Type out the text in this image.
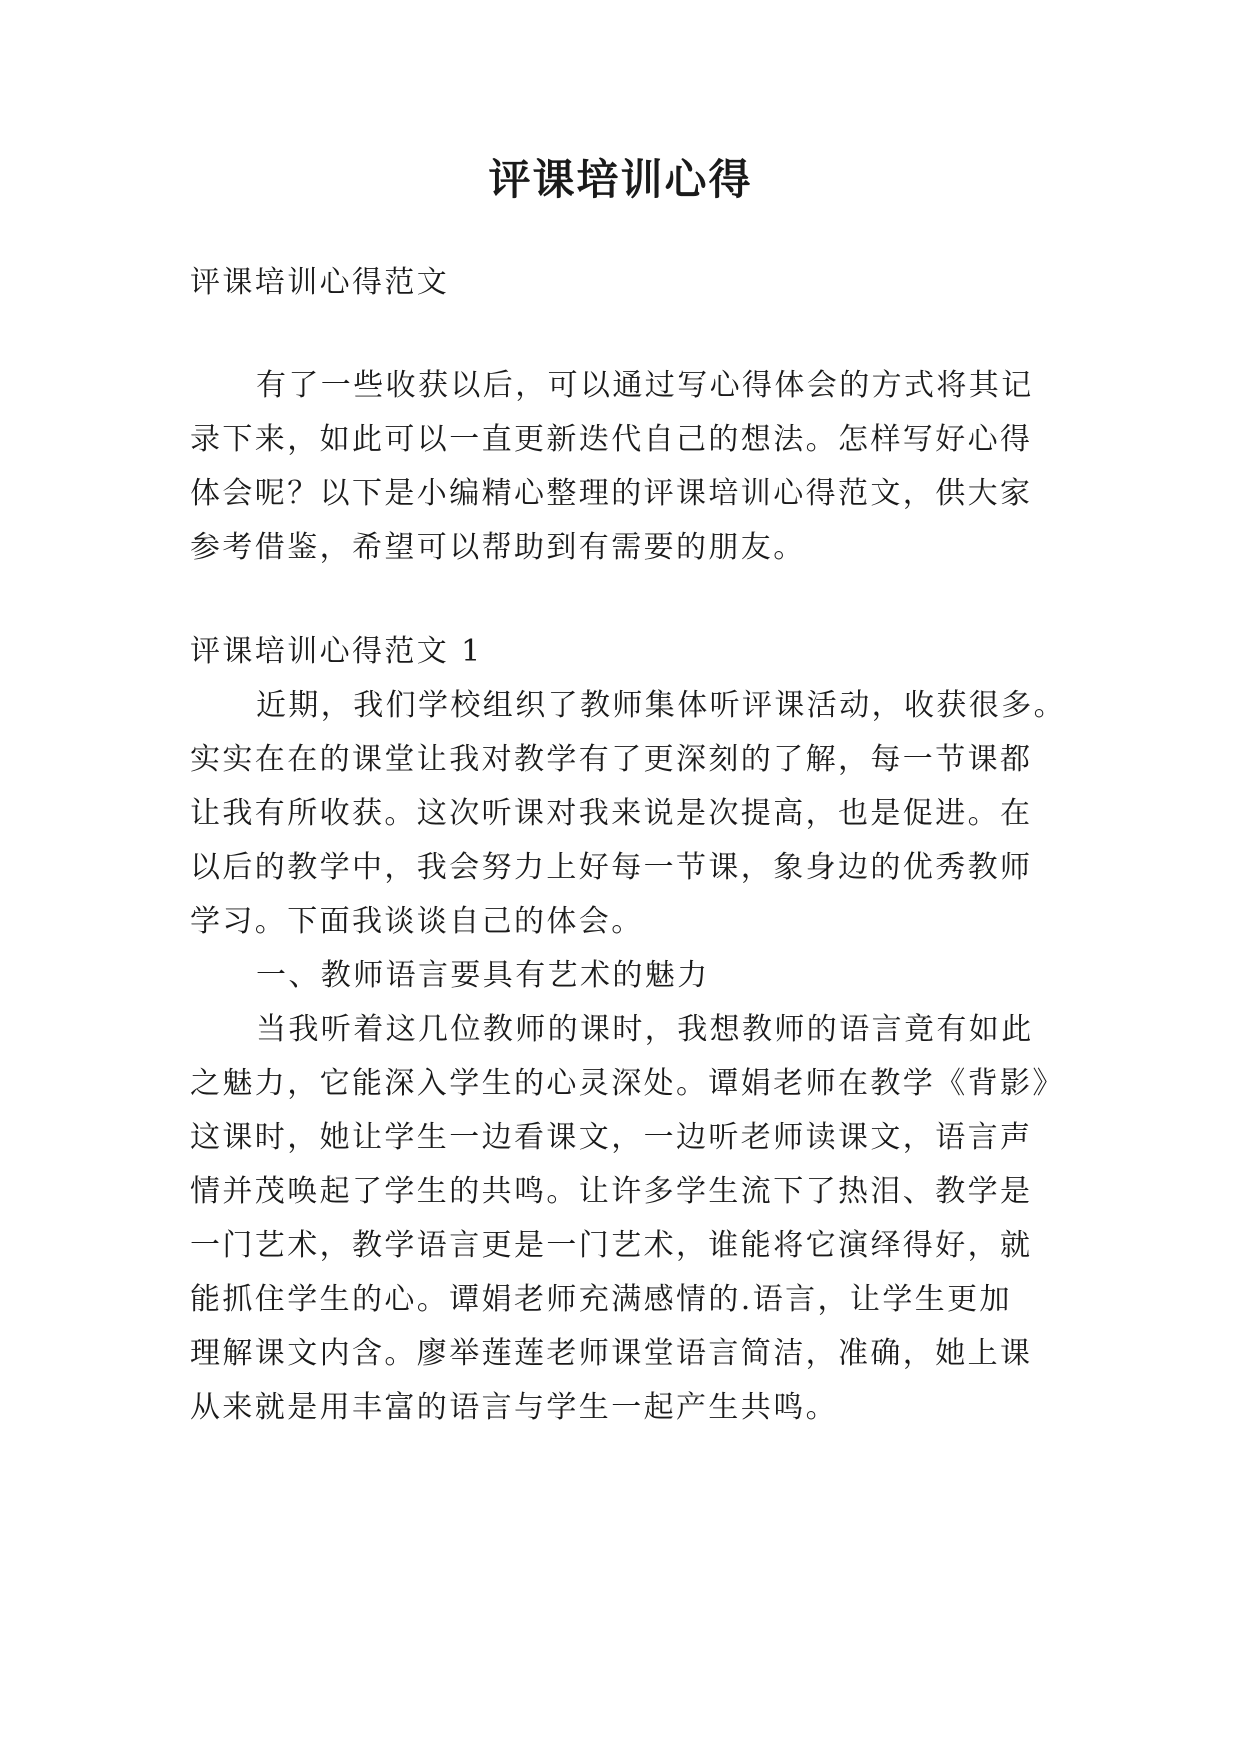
评课培训心得

评课培训心得范文

有了一些收获以后，可以通过写心得体会的方式将其记

录下来，如此可以一直更新迭代自己的想法。怎样写好心得

体会呢？以下是小编精心整理的评课培训心得范文，供大家

参考借鉴，希望可以帮助到有需要的朋友。

评课培训心得范文 1

近期，我们学校组织了教师集体听评课活动，收获很多。

实实在在的课堂让我对教学有了更深刻的了解，每一节课都

让我有所收获。这次听课对我来说是次提高，也是促进。在

以后的教学中，我会努力上好每一节课，象身边的优秀教师

学习。下面我谈谈自己的体会。

一、教师语言要具有艺术的魅力

当我听着这几位教师的课时，我想教师的语言竟有如此

之魅力，它能深入学生的心灵深处。谭娟老师在教学《背影》

这课时，她让学生一边看课文，一边听老师读课文，语言声

情并茂唤起了学生的共鸣。让许多学生流下了热泪、教学是

一门艺术，教学语言更是一门艺术，谁能将它演绎得好，就

能抓住学生的心。谭娟老师充满感情的.语言，让学生更加

理解课文内含。廖举莲莲老师课堂语言简洁，准确，她上课

从来就是用丰富的语言与学生一起产生共鸣。
